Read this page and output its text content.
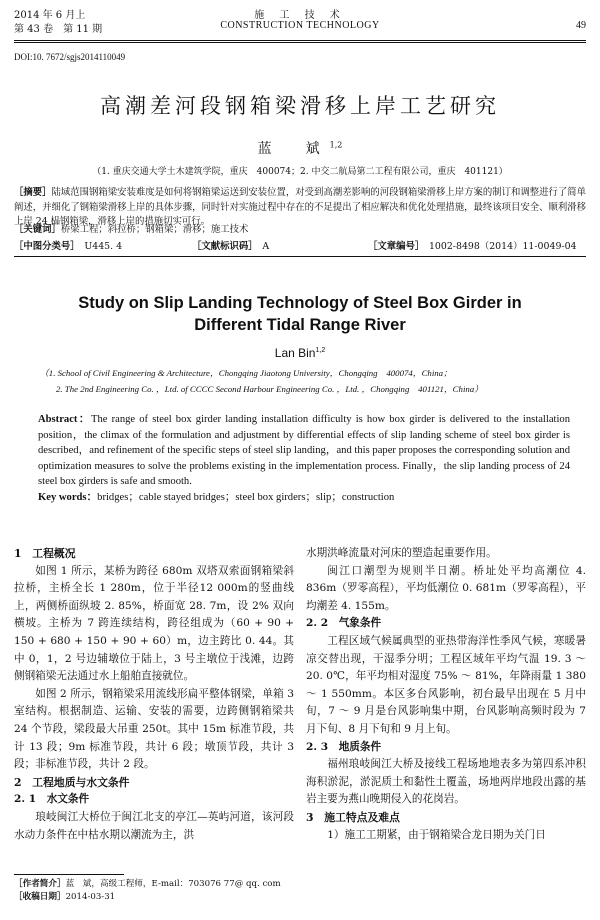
2014 年 6 月上
第 43 卷　第 11 期
施 工 技 术
CONSTRUCTION TECHNOLOGY	49
DOI:10. 7672/sgjs2014110049
高潮差河段钢箱梁滑移上岸工艺研究
蓝　斌$^{1,2}$
（1. 重庆交通大学土木建筑学院，重庆　400074；2. 中交二航局第二工程有限公司，重庆　401121）
［摘要］陆域范围钢箱梁安装难度是如何将钢箱梁运送到安装位置，对受到高潮差影响的河段钢箱梁滑移上岸方案的制订和调整进行了简单阐述，并细化了钢箱梁滑移上岸的具体步骤，同时针对实施过程中存在的不足提出了相应解决和优化处理措施，最终该项目安全、顺利滑移上岸 24 榀钢箱梁，滑移上岸的措施切实可行。
［关键词］桥梁工程；斜拉桥；钢箱梁；滑移；施工技术
［中图分类号］　 U445. 4	［文献标识码］　 A	［文章编号］　 1002-8498（2014）11-0049-04
Study on Slip Landing Technology of Steel Box Girder in
Different Tidal Range River
Lan Bin$^{1,2}$
（1. School of Civil Engineering & Architecture，Chongqing Jiaotong University，Chongqing　400074，China；
2. The 2nd Engineering Co. ，Ltd. of CCCC Second Harbour Engineering Co. ，Ltd. ，Chongqing　401121，China）
Abstract：The range of steel box girder landing installation difficulty is how box girder is delivered to the installation position，the climax of the formulation and adjustment by differential effects of slip landing scheme of steel box girder is described，and refinement of the specific steps of steel slip landing，and this paper proposes the corresponding solution and optimization measures to solve the problems existing in the implementation process. Finally，the slip landing process of 24 steel box girders is safe and smooth.
Key words：bridges；cable stayed bridges；steel box girders；slip；construction
1　工程概况
如图 1 所示，某桥为跨径 680m 双塔双索面钢箱梁斜拉桥，主桥全长 1 280m，位于半径12 000m的竖曲线上，两侧桥面纵坡 2. 85%，桥面宽 28. 7m，设 2% 双向横坡。主桥为 7 跨连续结构，跨径组成为（60 + 90 + 150 + 680 + 150 + 90 + 60）m，边主跨比 0. 44。其中 0，1，2 号边辅墩位于陆上，3 号主墩位于浅滩，边跨侧钢箱梁无法通过水上船舶直接就位。
如图 2 所示，钢箱梁采用流线形扁平整体钢梁，单箱 3 室结构。根据制造、运输、安装的需要，边跨侧钢箱梁共 24 个节段，梁段最大吊重 250t。其中 15m 标准节段，共计 13 段；9m 标准节段，共计 6 段；墩顶节段，共计 3 段；非标准节段，共计 2 段。
2　工程地质与水文条件
2. 1　水文条件
琅岐闽江大桥位于闽江北支的亭江—英屿河道，该河段水动力条件在中枯水期以潮流为主，洪
水期洪峰流量对河床的塑造起重要作用。
闽江口潮型为规则半日潮。桥址处平均高潮位 4. 836m（罗零高程），平均低潮位 0. 681m（罗零高程），平均潮差 4. 155m。
2. 2　气象条件
工程区域气候属典型的亚热带海洋性季风气候，寒暖暑凉交替出现，干湿季分明；工程区域年平均气温 19. 3 ～ 20. 0℃，年平均相对湿度 75% ～ 81%，年降雨量 1 380 ～ 1 550mm。本区多台风影响，初台最早出现在 5 月中旬，7 ～ 9 月是台风影响集中期，台风影响高频时段为 7 月下旬、8 月下旬和 9 月上旬。
2. 3　地质条件
福州琅岐闽江大桥及接线工程场地地表多为第四系冲积海积淤泥，淤泥质土和黏性土覆盖，场地两岸地段出露的基岩主要为燕山晚期侵入的花岗岩。
3　施工特点及难点
1）施工工期紧，由于钢箱梁合龙日期为关门日
［作者简介］蓝　斌，高级工程师，E-mail：703076 77@ qq. com
［收稿日期］2014-03-31
